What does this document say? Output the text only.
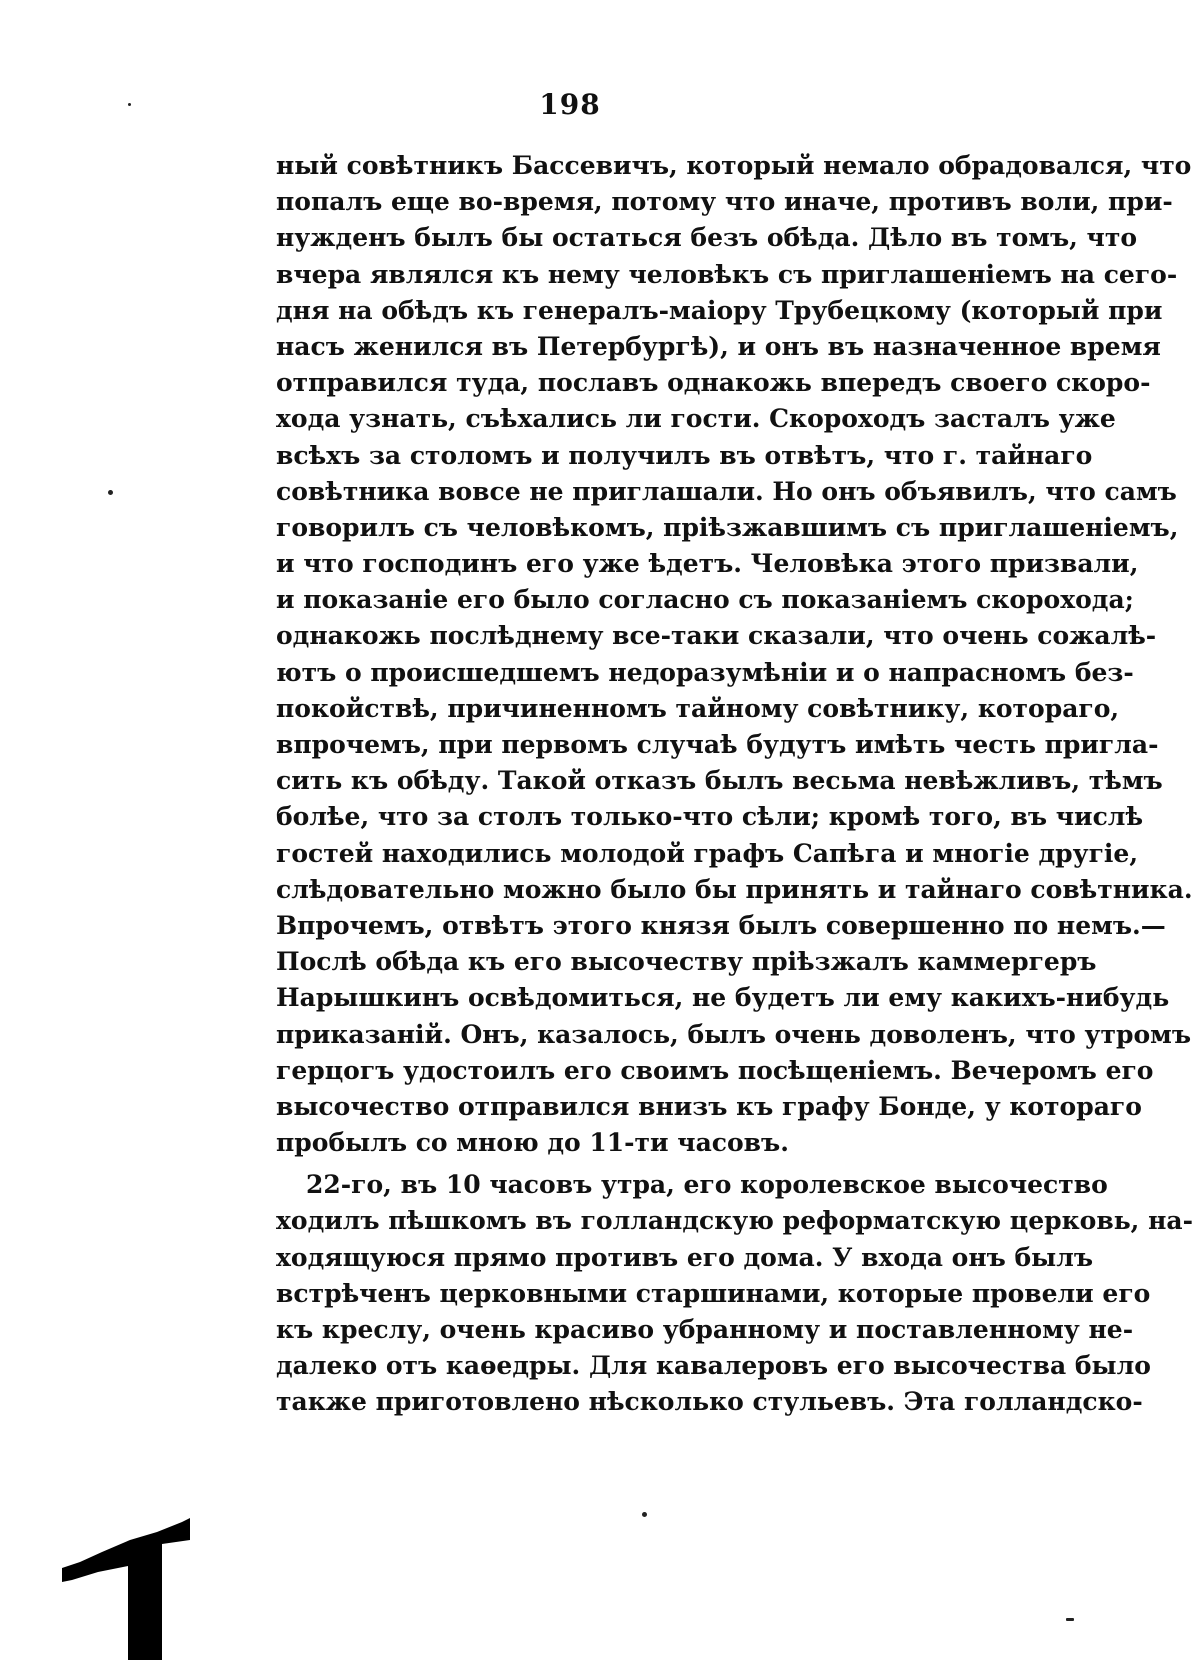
198
ный совѣтникъ Бассевичъ, который немало обрадовался, что
попалъ еще во-время, потому что иначе, противъ воли, при-
нужденъ былъ бы остаться безъ обѣда. Дѣло въ томъ, что
вчера являлся къ нему человѣкъ съ приглашеніемъ на сего-
дня на обѣдъ къ генералъ-маіору Трубецкому (который при
насъ женился въ Петербургѣ), и онъ въ назначенное время
отправился туда, пославъ однакожь впередъ своего скоро-
хода узнать, съѣхались ли гости. Скороходъ засталъ уже
всѣхъ за столомъ и получилъ въ отвѣтъ, что г. тайнаго
совѣтника вовсе не приглашали. Но онъ объявилъ, что самъ
говорилъ съ человѣкомъ, пріѣзжавшимъ съ приглашеніемъ,
и что господинъ его уже ѣдетъ. Человѣка этого призвали,
и показаніе его было согласно съ показаніемъ скорохода;
однакожь послѣднему все-таки сказали, что очень сожалѣ-
ютъ о происшедшемъ недоразумѣніи и о напрасномъ без-
покойствѣ, причиненномъ тайному совѣтнику, котораго,
впрочемъ, при первомъ случаѣ будутъ имѣть честь пригла-
сить къ обѣду. Такой отказъ былъ весьма невѣжливъ, тѣмъ
болѣе, что за столъ только-что сѣли; кромѣ того, въ числѣ
гостей находились молодой графъ Сапѣга и многіе другіе,
слѣдовательно можно было бы принять и тайнаго совѣтника.
Впрочемъ, отвѣтъ этого князя былъ совершенно по немъ.—
Послѣ обѣда къ его высочеству пріѣзжалъ каммергеръ
Нарышкинъ освѣдомиться, не будетъ ли ему какихъ-нибудь
приказаній. Онъ, казалось, былъ очень доволенъ, что утромъ
герцогъ удостоилъ его своимъ посѣщеніемъ. Вечеромъ его
высочество отправился внизъ къ графу Бонде, у котораго
пробылъ со мною до 11-ти часовъ.
22-го, въ 10 часовъ утра, его королевское высочество
ходилъ пѣшкомъ въ голландскую реформатскую церковь, на-
ходящуюся прямо противъ его дома. У входа онъ былъ
встрѣченъ церковными старшинами, которые провели его
къ креслу, очень красиво убранному и поставленному не-
далеко отъ каѳедры. Для кавалеровъ его высочества было
также приготовлено нѣсколько стульевъ. Эта голландско-
